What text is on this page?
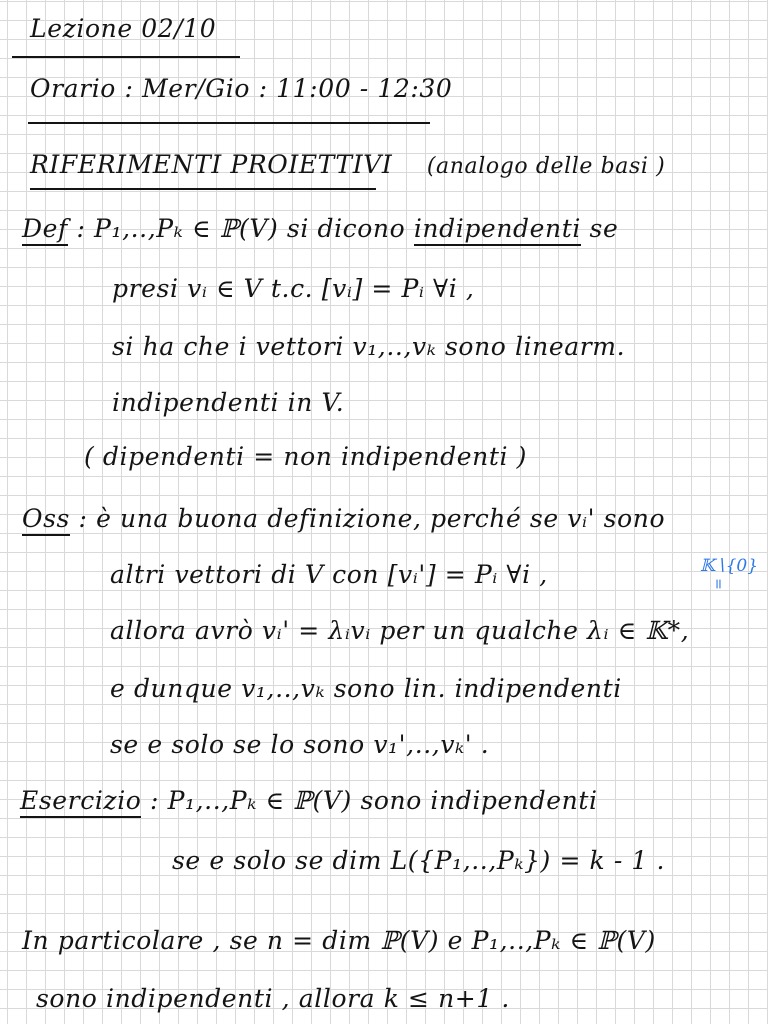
Lezione 02/10
Orario : Mer/Gio : 11:00 - 12:30
RIFERIMENTI PROIETTIVI (analogo delle basi )
Def : P₁,..,Pₖ ∈ ℙ(V) si dicono indipendenti se
presi vᵢ ∈ V t.c. [vᵢ] = Pᵢ ∀i ,
si ha che i vettori v₁,..,vₖ sono linearm.
indipendenti in V.
( dipendenti = non indipendenti )
Oss : è una buona definizione, perché se vᵢ' sono
altri vettori di V con [vᵢ'] = Pᵢ ∀i ,	𝕂∖{0}
=
allora avrò vᵢ' = λᵢvᵢ per un qualche λᵢ ∈ 𝕂*,
e dunque v₁,..,vₖ sono lin. indipendenti
se e solo se lo sono v₁',..,vₖ' .
Esercizio : P₁,..,Pₖ ∈ ℙ(V) sono indipendenti
se e solo se dim L({P₁,..,Pₖ}) = k - 1 .
In particolare , se n = dim ℙ(V) e P₁,..,Pₖ ∈ ℙ(V)
sono indipendenti , allora k ≤ n+1 .
